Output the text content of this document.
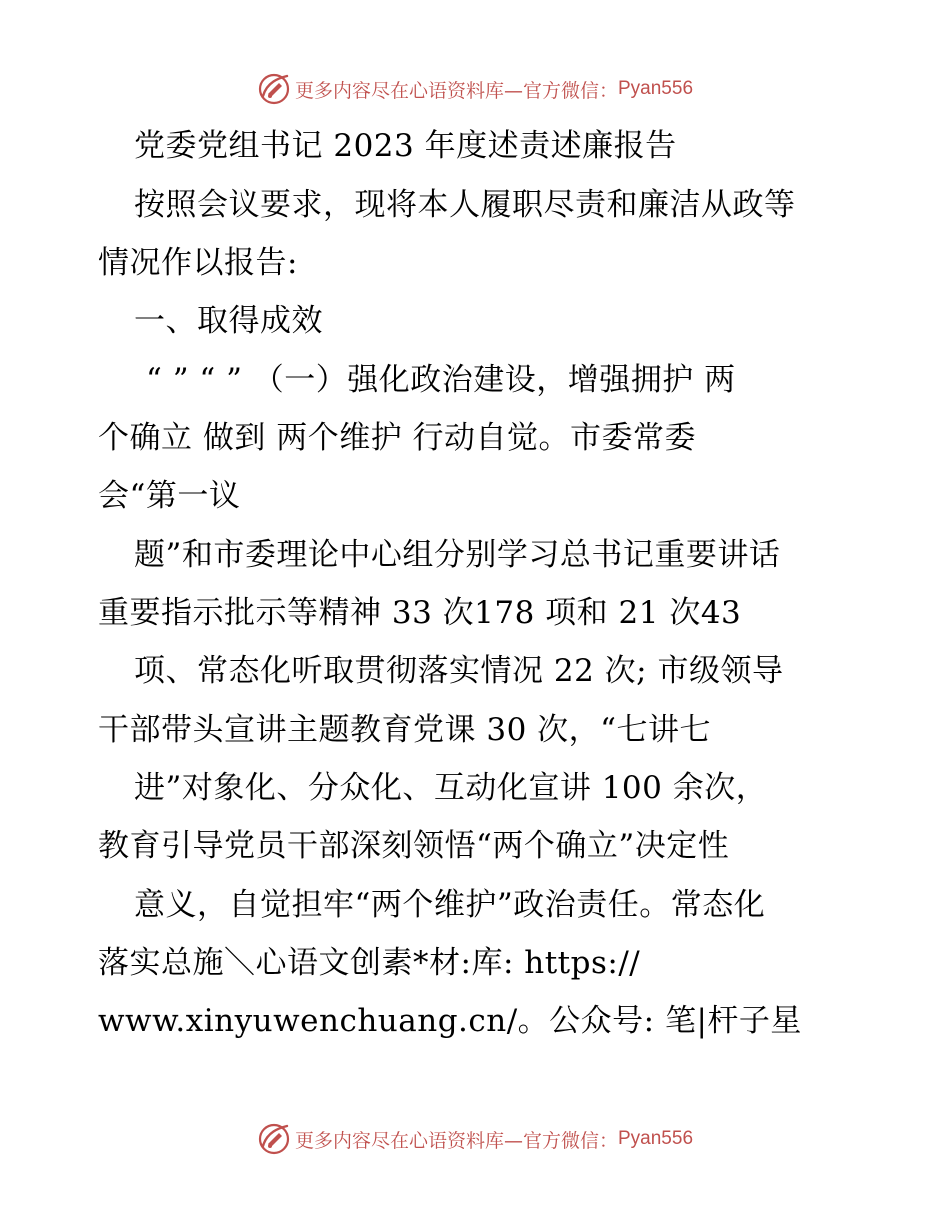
更多内容尽在心语资料库—官方微信： Pyan556
党委党组书记 2023 年度述责述廉报告
按照会议要求，现将本人履职尽责和廉洁从政等
情况作以报告:
一、取得成效
“ ” “ ” （一）强化政治建设，增强拥护 两
个确立 做到 两个维护 行动自觉。市委常委
会“第一议
题”和市委理论中心组分别学习总书记重要讲话
重要指示批示等精神 33 次178 项和 21 次43
项、常态化听取贯彻落实情况 22 次; 市级领导
干部带头宣讲主题教育党课 30 次，“七讲七
进”对象化、分众化、互动化宣讲 100 余次，
教育引导党员干部深刻领悟“两个确立”决定性
意义，自觉担牢“两个维护”政治责任。常态化
落实总施＼心语文创素*材:库: https://
www.xinyuwenchuang.cn/。公众号: 笔|杆子星
更多内容尽在心语资料库—官方微信： Pyan556
